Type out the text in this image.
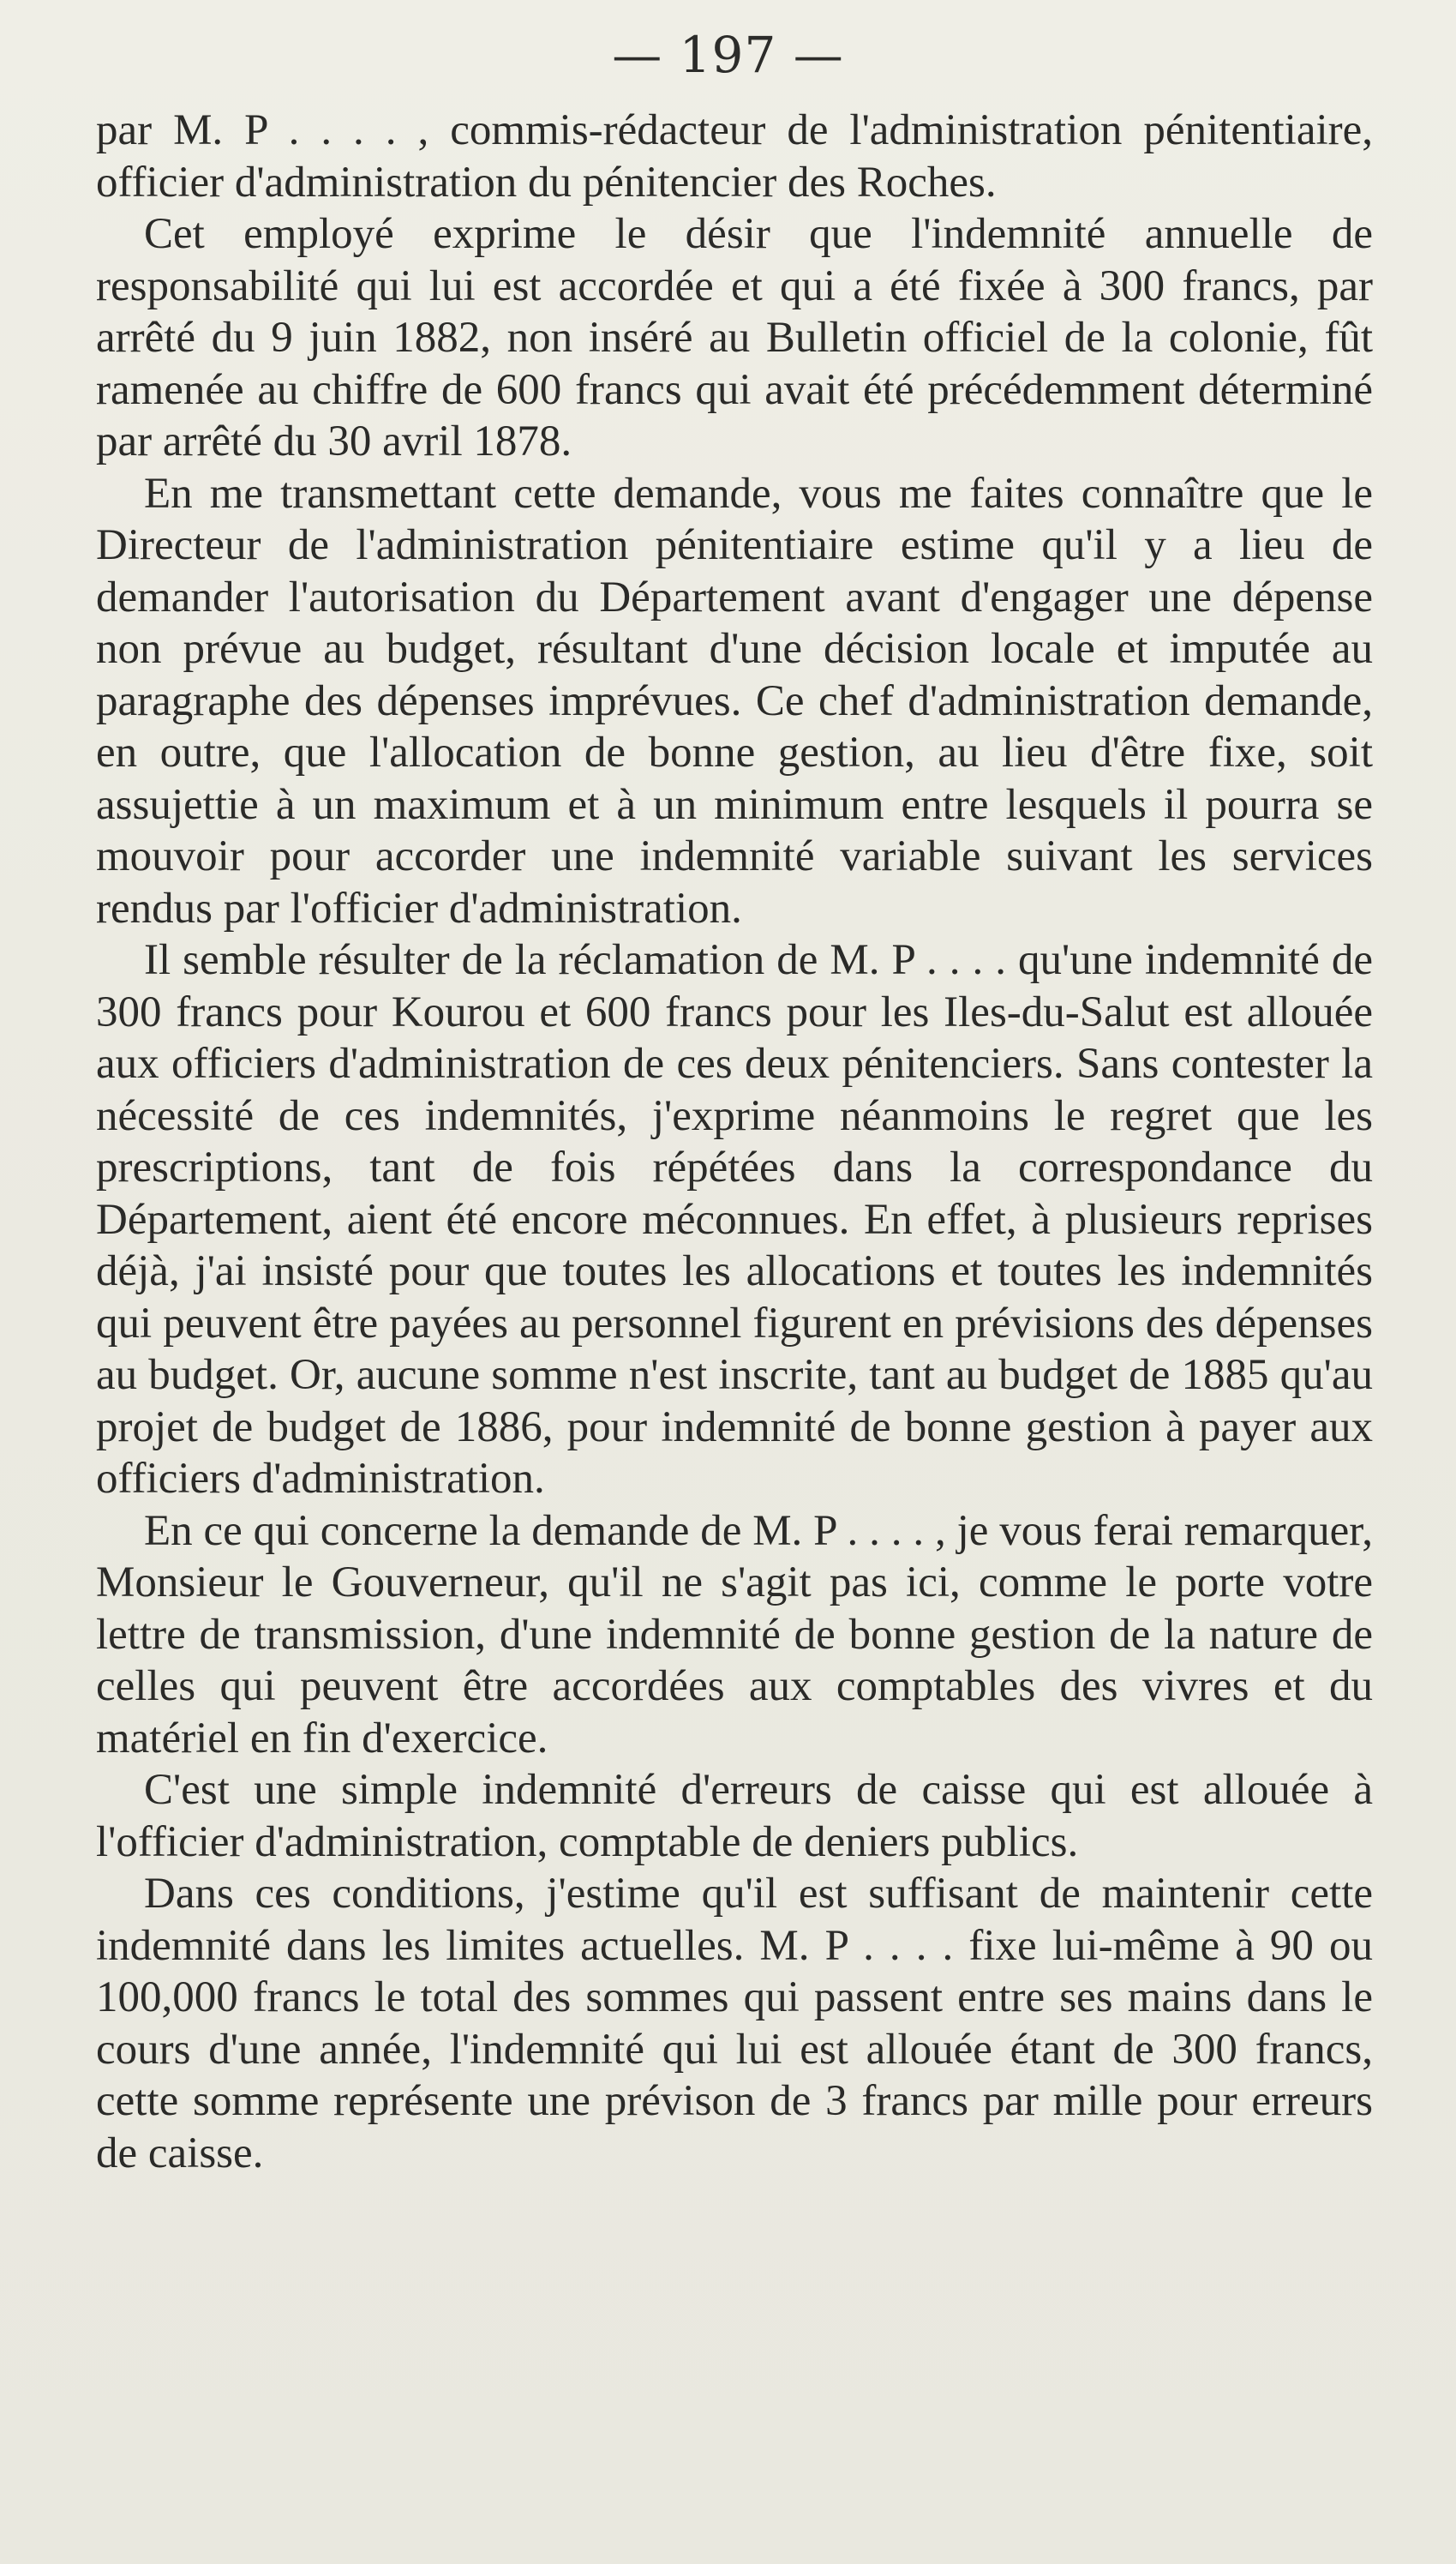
— 197 —

par M. P . . . . , commis-rédacteur de l'administration pénitentiaire, officier d'administration du pénitencier des Roches.

Cet employé exprime le désir que l'indemnité annuelle de responsabilité qui lui est accordée et qui a été fixée à 300 francs, par arrêté du 9 juin 1882, non inséré au Bulletin officiel de la colonie, fût ramenée au chiffre de 600 francs qui avait été précédemment déterminé par arrêté du 30 avril 1878.

En me transmettant cette demande, vous me faites connaître que le Directeur de l'administration pénitentiaire estime qu'il y a lieu de demander l'autorisation du Département avant d'engager une dépense non prévue au budget, résultant d'une décision locale et imputée au paragraphe des dépenses imprévues. Ce chef d'administration demande, en outre, que l'allocation de bonne gestion, au lieu d'être fixe, soit assujettie à un maximum et à un minimum entre lesquels il pourra se mouvoir pour accorder une indemnité variable suivant les services rendus par l'officier d'administration.

Il semble résulter de la réclamation de M. P . . . . qu'une indemnité de 300 francs pour Kourou et 600 francs pour les Iles-du-Salut est allouée aux officiers d'administration de ces deux pénitenciers. Sans contester la nécessité de ces indemnités, j'exprime néanmoins le regret que les prescriptions, tant de fois répétées dans la correspondance du Département, aient été encore méconnues. En effet, à plusieurs reprises déjà, j'ai insisté pour que toutes les allocations et toutes les indemnités qui peuvent être payées au personnel figurent en prévisions des dépenses au budget. Or, aucune somme n'est inscrite, tant au budget de 1885 qu'au projet de budget de 1886, pour indemnité de bonne gestion à payer aux officiers d'administration.

En ce qui concerne la demande de M. P . . . . , je vous ferai remarquer, Monsieur le Gouverneur, qu'il ne s'agit pas ici, comme le porte votre lettre de transmission, d'une indemnité de bonne gestion de la nature de celles qui peuvent être accordées aux comptables des vivres et du matériel en fin d'exercice.

C'est une simple indemnité d'erreurs de caisse qui est allouée à l'officier d'administration, comptable de deniers publics.

Dans ces conditions, j'estime qu'il est suffisant de maintenir cette indemnité dans les limites actuelles. M. P . . . . fixe lui-même à 90 ou 100,000 francs le total des sommes qui passent entre ses mains dans le cours d'une année, l'indemnité qui lui est allouée étant de 300 francs, cette somme représente une prévison de 3 francs par mille pour erreurs de caisse.
